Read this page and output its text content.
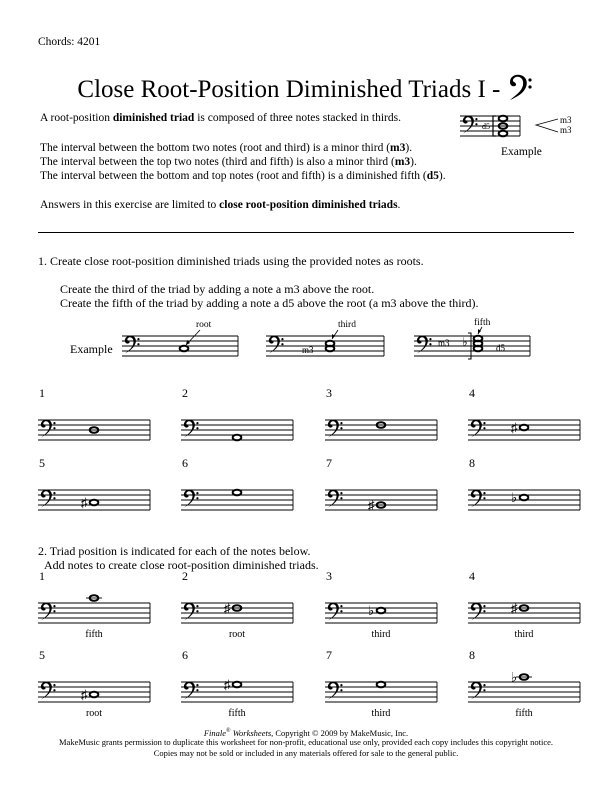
Chords: 4201
Close Root-Position Diminished Triads I -
A root-position diminished triad is composed of three notes stacked in thirds.
The interval between the bottom two notes (root and third) is a minor third (m3).
The interval between the top two notes (third and fifth) is also a minor third (m3).
The interval between the bottom and top notes (root and fifth) is a diminished fifth (d5).
Answers in this exercise are limited to close root-position diminished triads.
d5
m3
m3
Example
1. Create close root-position diminished triads using the provided notes as roots.
Create the third of the triad by adding a note a m3 above the root.
Create the fifth of the triad by adding a note a d5 above the root (a m3 above the third).
Example
root
m3
third
m3 ♭	d5
fifth
1	2	3	4
♯
5
♯
6	7
♯
8
♭
1
fifth
2
♯
root
3
♭
third
4
♯
third
5
♯
root
6
♯
fifth
7
third
8
♭
fifth
2. Triad position is indicated for each of the notes below.
Add notes to create close root-position diminished triads.
Finale® Worksheets, Copyright © 2009 by MakeMusic, Inc.
MakeMusic grants permission to duplicate this worksheet for non-profit, educational use only, provided each copy includes this copyright notice.
Copies may not be sold or included in any materials offered for sale to the general public.
